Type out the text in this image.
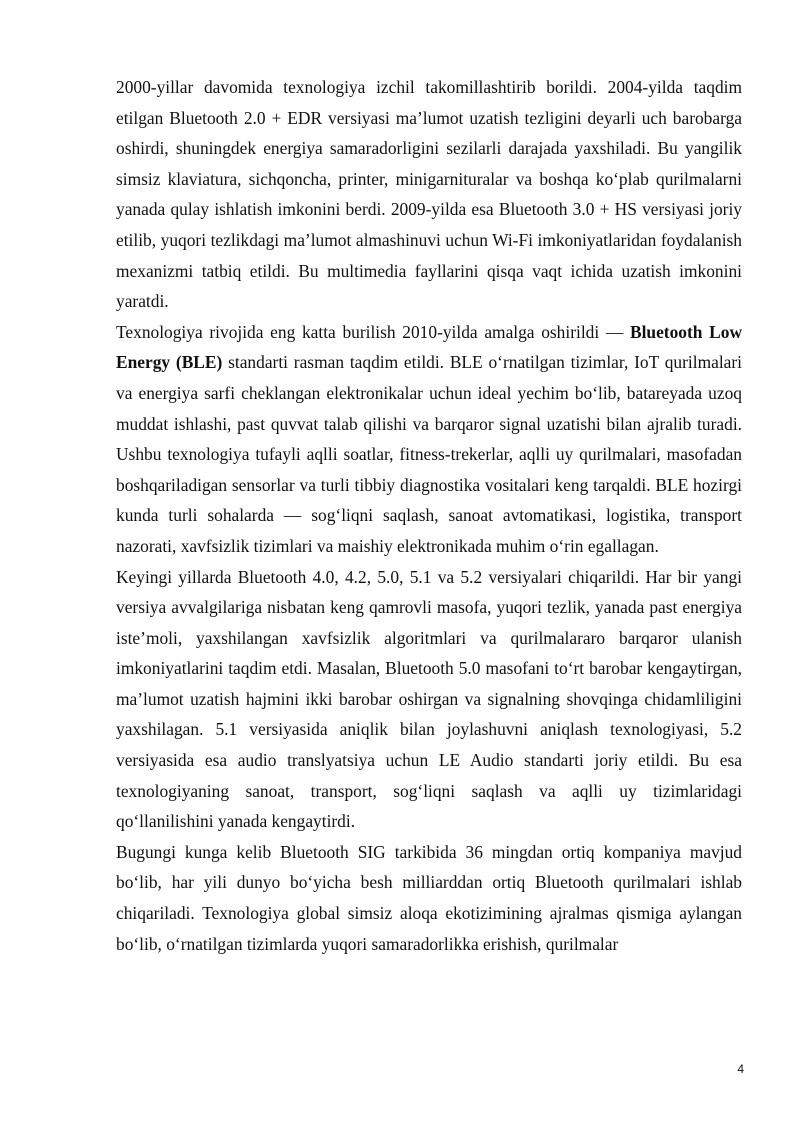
2000-yillar davomida texnologiya izchil takomillashtirib borildi. 2004-yilda taqdim etilgan Bluetooth 2.0 + EDR versiyasi maʼlumot uzatish tezligini deyarli uch barobarga oshirdi, shuningdek energiya samaradorligini sezilarli darajada yaxshiladi. Bu yangilik simsiz klaviatura, sichqoncha, printer, minigarnituralar va boshqa koʻplab qurilmalarni yanada qulay ishlatish imkonini berdi. 2009-yilda esa Bluetooth 3.0 + HS versiyasi joriy etilib, yuqori tezlikdagi maʼlumot almashinuvi uchun Wi-Fi imkoniyatlaridan foydalanish mexanizmi tatbiq etildi. Bu multimedia fayllarini qisqa vaqt ichida uzatish imkonini yaratdi.

Texnologiya rivojida eng katta burilish 2010-yilda amalga oshirildi — Bluetooth Low Energy (BLE) standarti rasman taqdim etildi. BLE oʻrnatilgan tizimlar, IoT qurilmalari va energiya sarfi cheklangan elektronikalar uchun ideal yechim boʻlib, batareyada uzoq muddat ishlashi, past quvvat talab qilishi va barqaror signal uzatishi bilan ajralib turadi. Ushbu texnologiya tufayli aqlli soatlar, fitness-trekerlar, aqlli uy qurilmalari, masofadan boshqariladigan sensorlar va turli tibbiy diagnostika vositalari keng tarqaldi. BLE hozirgi kunda turli sohalarda — sogʻliqni saqlash, sanoat avtomatikasi, logistika, transport nazorati, xavfsizlik tizimlari va maishiy elektronikada muhim oʻrin egallagan.

Keyingi yillarda Bluetooth 4.0, 4.2, 5.0, 5.1 va 5.2 versiyalari chiqarildi. Har bir yangi versiya avvalgilariga nisbatan keng qamrovli masofa, yuqori tezlik, yanada past energiya isteʼmoli, yaxshilangan xavfsizlik algoritmlari va qurilmalararo barqaror ulanish imkoniyatlarini taqdim etdi. Masalan, Bluetooth 5.0 masofani toʻrt barobar kengaytirgan, maʼlumot uzatish hajmini ikki barobar oshirgan va signalning shovqinga chidamliligini yaxshilagan. 5.1 versiyasida aniqlik bilan joylashuvni aniqlash texnologiyasi, 5.2 versiyasida esa audio translyatsiya uchun LE Audio standarti joriy etildi. Bu esa texnologiyaning sanoat, transport, sogʻliqni saqlash va aqlli uy tizimlaridagi qoʻllanilishini yanada kengaytirdi.

Bugungi kunga kelib Bluetooth SIG tarkibida 36 mingdan ortiq kompaniya mavjud boʻlib, har yili dunyo boʻyicha besh milliarddan ortiq Bluetooth qurilmalari ishlab chiqariladi. Texnologiya global simsiz aloqa ekotizimining ajralmas qismiga aylangan boʻlib, oʻrnatilgan tizimlarda yuqori samaradorlikka erishish, qurilmalar

4
